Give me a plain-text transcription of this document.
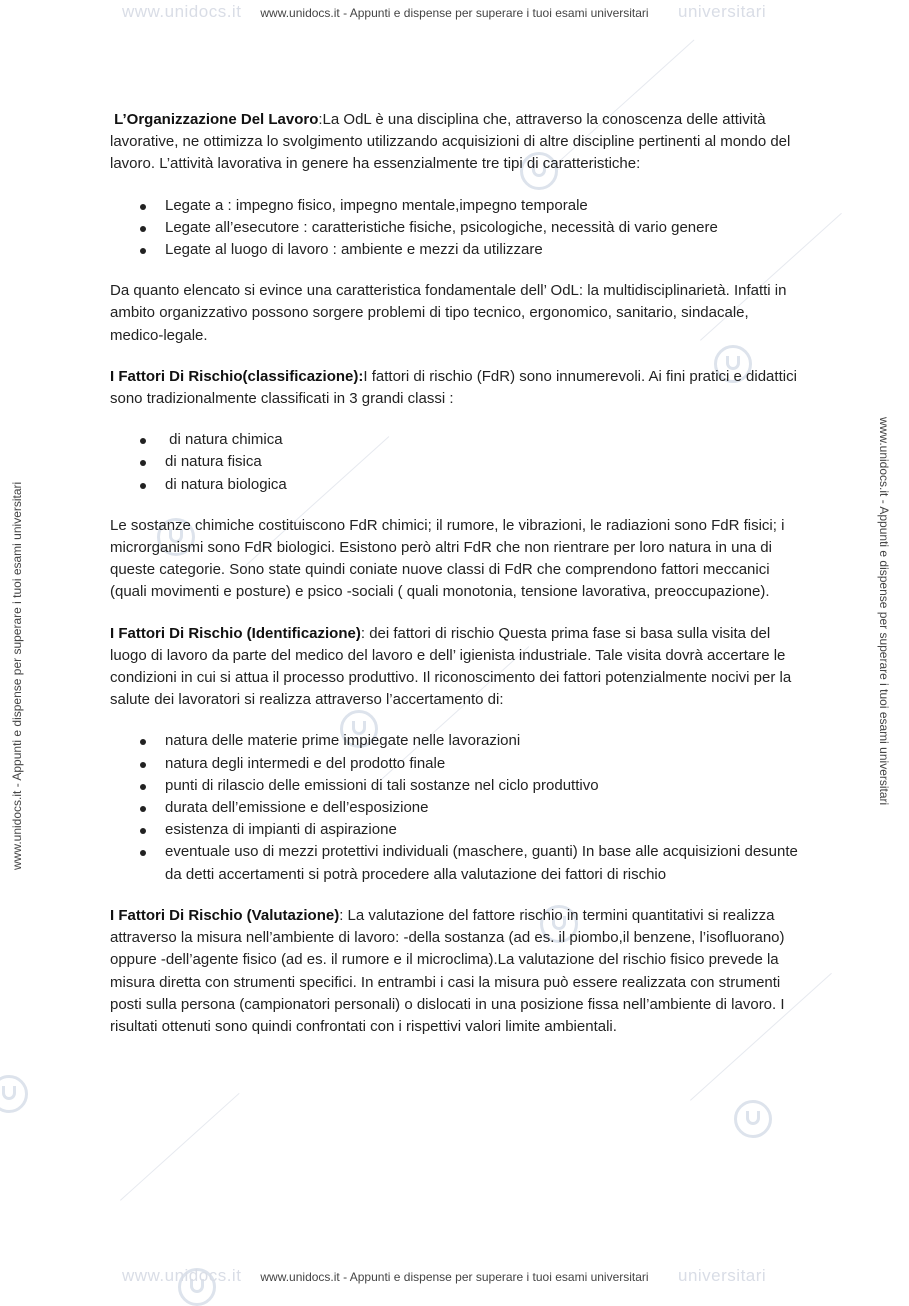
www.unidocs.it	universitari
www.unidocs.it - Appunti e dispense per superare i tuoi esami universitari
www.unidocs.it	universitari
www.unidocs.it - Appunti e dispense per superare i tuoi esami universitari
www.unidocs.it - Appunti e dispense per superare i tuoi esami universitari	www.unidocs.it - Appunti e dispense per superare i tuoi esami universitari

L’Organizzazione Del Lavoro:La OdL è una disciplina che, attraverso la conoscenza delle attività lavorative, ne ottimizza lo svolgimento utilizzando acquisizioni di altre discipline pertinenti al mondo del lavoro. L’attività lavorativa in genere ha essenzialmente tre tipi di caratteristiche:

Legate a : impegno fisico, impegno mentale,impegno temporale
Legate all’esecutore : caratteristiche fisiche, psicologiche, necessità di vario genere
Legate al luogo di lavoro : ambiente e mezzi da utilizzare

Da quanto elencato si evince una caratteristica fondamentale dell’ OdL: la multidisciplinarietà. Infatti in ambito organizzativo possono sorgere problemi di tipo tecnico, ergonomico, sanitario, sindacale, medico-legale.

I Fattori Di Rischio(classificazione):I fattori di rischio (FdR) sono innumerevoli. Ai fini pratici e didattici sono tradizionalmente classificati in 3 grandi classi :

di natura chimica
di natura fisica
di natura biologica

Le sostanze chimiche costituiscono FdR chimici; il rumore, le vibrazioni, le radiazioni sono FdR fisici; i microrganismi sono FdR biologici. Esistono però altri FdR che non rientrare per loro natura in una di queste categorie. Sono state quindi coniate nuove classi di FdR che comprendono fattori meccanici (quali movimenti e posture) e psico -sociali ( quali monotonia, tensione lavorativa, preoccupazione).

I Fattori Di Rischio (Identificazione): dei fattori di rischio Questa prima fase si basa sulla visita del luogo di lavoro da parte del medico del lavoro e dell’ igienista industriale. Tale visita dovrà accertare le condizioni in cui si attua il processo produttivo. Il riconoscimento dei fattori potenzialmente nocivi per la salute dei lavoratori si realizza attraverso l’accertamento di:

natura delle materie prime impiegate nelle lavorazioni
natura degli intermedi e del prodotto finale
punti di rilascio delle emissioni di tali sostanze nel ciclo produttivo
durata dell’emissione e dell’esposizione
esistenza di impianti di aspirazione
eventuale uso di mezzi protettivi individuali (maschere, guanti) In base alle acquisizioni desunte da detti accertamenti si potrà procedere alla valutazione dei fattori di rischio

I Fattori Di Rischio (Valutazione): La valutazione del fattore rischio in termini quantitativi si realizza attraverso la misura nell’ambiente di lavoro: -della sostanza (ad es. il piombo,il benzene, l’isofluorano) oppure -dell’agente fisico (ad es. il rumore e il microclima).La valutazione del rischio fisico prevede la misura diretta con strumenti specifici. In entrambi i casi la misura può essere realizzata con strumenti posti sulla persona (campionatori personali) o dislocati in una posizione fissa nell’ambiente di lavoro. I risultati ottenuti sono quindi confrontati con i rispettivi valori limite ambientali.
